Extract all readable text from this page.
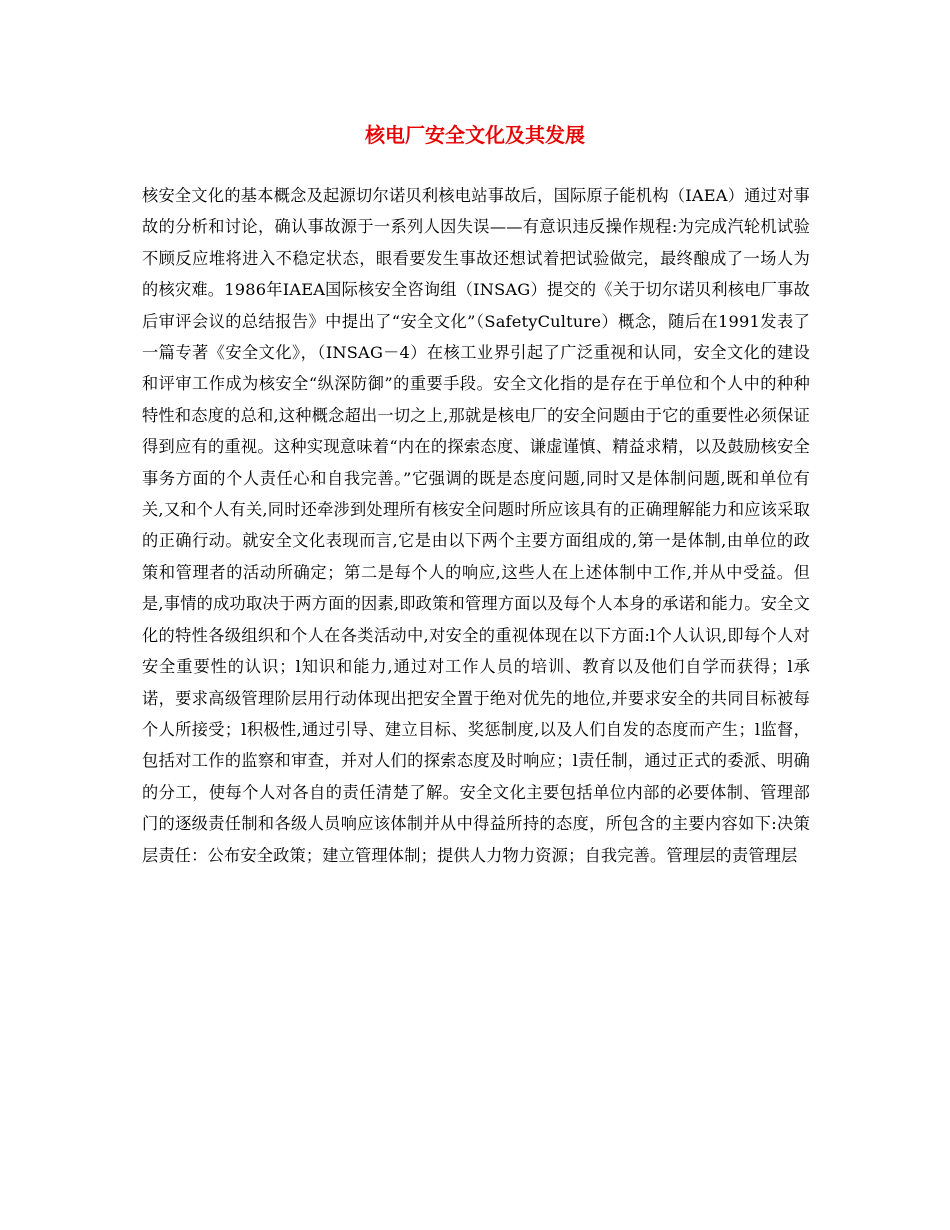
核电厂安全文化及其发展

核安全文化的基本概念及起源切尔诺贝利核电站事故后，国际原子能机构（IAEA）通过对事故的分析和讨论，确认事故源于一系列人因失误——有意识违反操作规程:为完成汽轮机试验不顾反应堆将进入不稳定状态，眼看要发生事故还想试着把试验做完，最终酿成了一场人为的核灾难。1986年IAEA国际核安全咨询组（INSAG）提交的《关于切尔诺贝利核电厂事故后审评会议的总结报告》中提出了“安全文化”（SafetyCulture）概念，随后在1991发表了一篇专著《安全文化》，（INSAG－4）在核工业界引起了广泛重视和认同，安全文化的建设和评审工作成为核安全“纵深防御”的重要手段。安全文化指的是存在于单位和个人中的种种特性和态度的总和,这种概念超出一切之上,那就是核电厂的安全问题由于它的重要性必须保证得到应有的重视。这种实现意味着“内在的探索态度、谦虚谨慎、精益求精，以及鼓励核安全事务方面的个人责任心和自我完善。”它强调的既是态度问题,同时又是体制问题,既和单位有关,又和个人有关,同时还牵涉到处理所有核安全问题时所应该具有的正确理解能力和应该采取的正确行动。就安全文化表现而言,它是由以下两个主要方面组成的,第一是体制,由单位的政策和管理者的活动所确定；第二是每个人的响应,这些人在上述体制中工作,并从中受益。但是,事情的成功取决于两方面的因素,即政策和管理方面以及每个人本身的承诺和能力。安全文化的特性各级组织和个人在各类活动中,对安全的重视体现在以下方面:l个人认识,即每个人对安全重要性的认识；l知识和能力,通过对工作人员的培训、教育以及他们自学而获得；l承诺，要求高级管理阶层用行动体现出把安全置于绝对优先的地位,并要求安全的共同目标被每个人所接受；l积极性,通过引导、建立目标、奖惩制度,以及人们自发的态度而产生；l监督，包括对工作的监察和审查，并对人们的探索态度及时响应；l责任制，通过正式的委派、明确的分工，使每个人对各自的责任清楚了解。安全文化主要包括单位内部的必要体制、管理部门的逐级责任制和各级人员响应该体制并从中得益所持的态度，所包含的主要内容如下:决策层责任：公布安全政策；建立管理体制；提供人力物力资源；自我完善。管理层的责管理层
